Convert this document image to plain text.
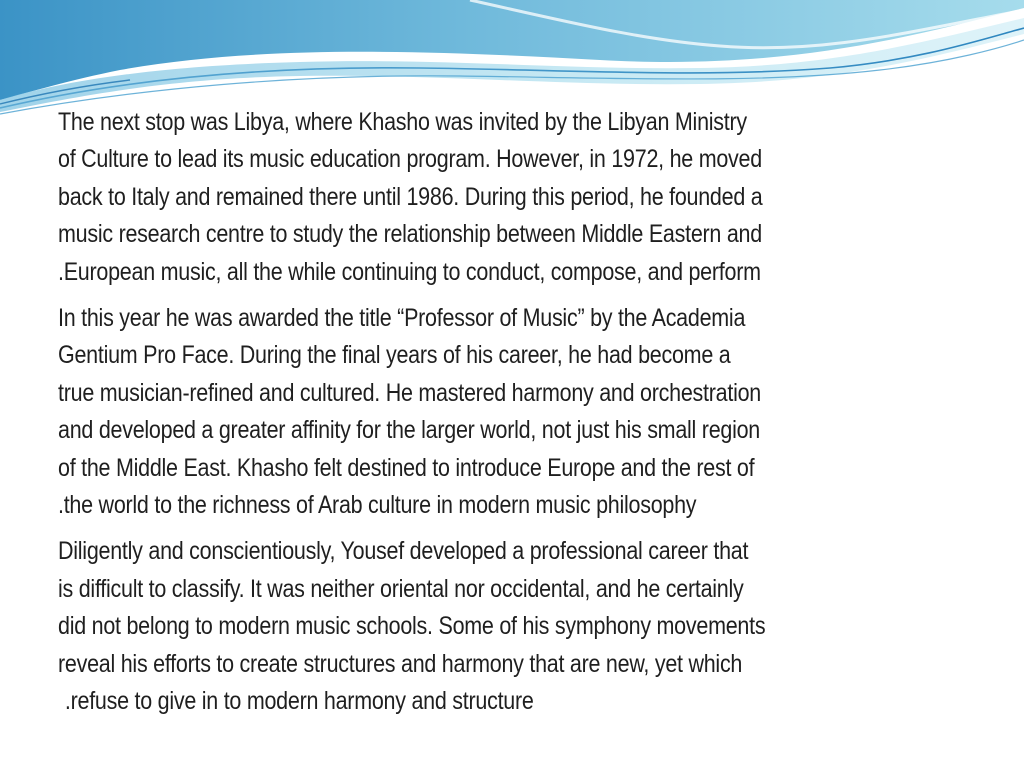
The next stop was Libya, where Khasho was invited by the Libyan Ministry
of Culture to lead its music education program. However, in 1972, he moved
back to Italy and remained there until 1986. During this period, he founded a
music research centre to study the relationship between Middle Eastern and
.European music, all the while continuing to conduct, compose, and perform
In this year he was awarded the title “Professor of Music” by the Academia
Gentium Pro Face. During the final years of his career, he had become a
true musician-refined and cultured. He mastered harmony and orchestration
and developed a greater affinity for the larger world, not just his small region
of the Middle East. Khasho felt destined to introduce Europe and the rest of
.the world to the richness of Arab culture in modern music philosophy
Diligently and conscientiously, Yousef developed a professional career that
is difficult to classify. It was neither oriental nor occidental, and he certainly
did not belong to modern music schools. Some of his symphony movements
reveal his efforts to create structures and harmony that are new, yet which
.refuse to give in to modern harmony and structure
